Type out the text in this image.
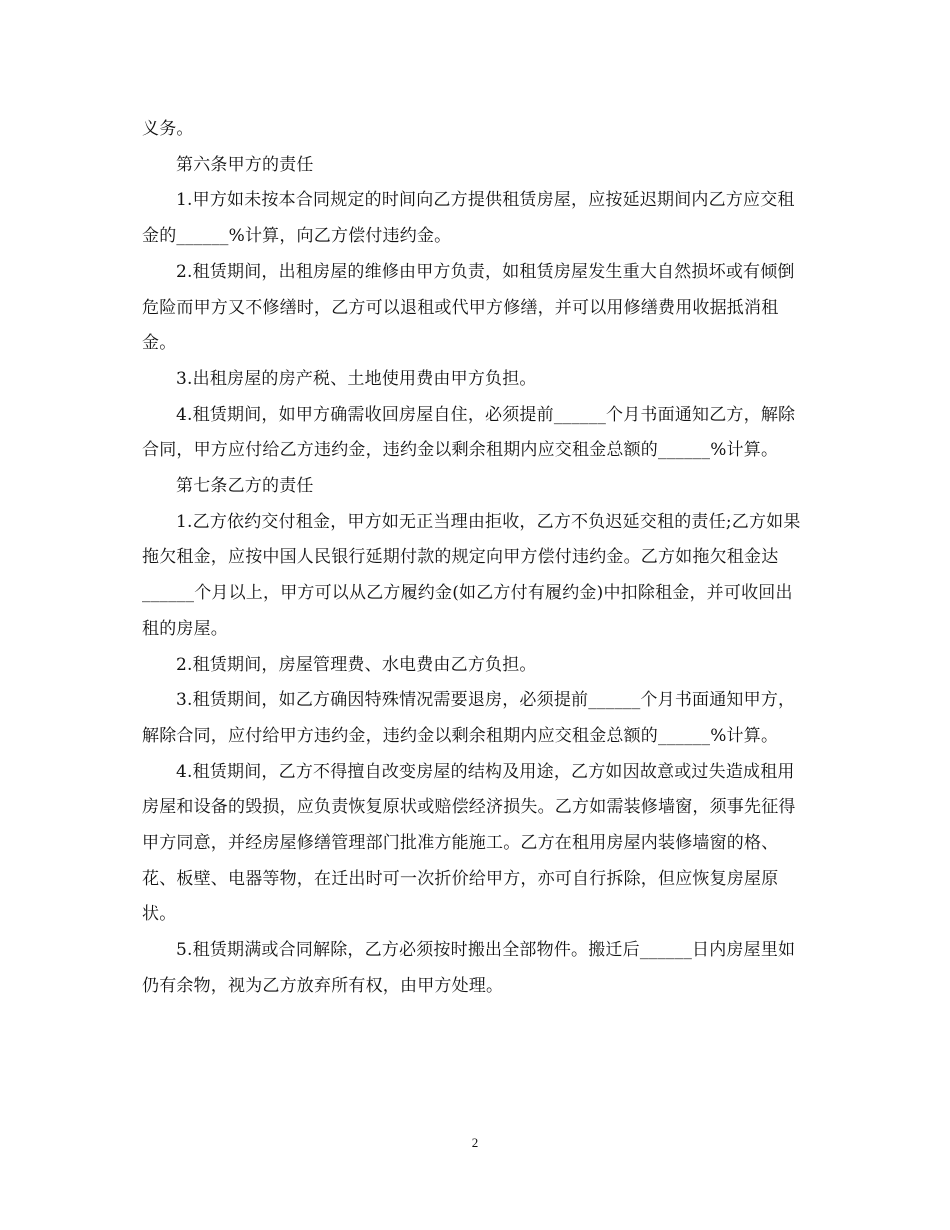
义务。

第六条甲方的责任

1.甲方如未按本合同规定的时间向乙方提供租赁房屋，应按延迟期间内乙方应交租金的______%计算，向乙方偿付违约金。

2.租赁期间，出租房屋的维修由甲方负责，如租赁房屋发生重大自然损坏或有倾倒危险而甲方又不修缮时，乙方可以退租或代甲方修缮，并可以用修缮费用收据抵消租金。

3.出租房屋的房产税、土地使用费由甲方负担。

4.租赁期间，如甲方确需收回房屋自住，必须提前______个月书面通知乙方，解除合同，甲方应付给乙方违约金，违约金以剩余租期内应交租金总额的______%计算。

第七条乙方的责任

1.乙方依约交付租金，甲方如无正当理由拒收，乙方不负迟延交租的责任;乙方如果拖欠租金，应按中国人民银行延期付款的规定向甲方偿付违约金。乙方如拖欠租金达______个月以上，甲方可以从乙方履约金(如乙方付有履约金)中扣除租金，并可收回出租的房屋。

2.租赁期间，房屋管理费、水电费由乙方负担。

3.租赁期间，如乙方确因特殊情况需要退房，必须提前______个月书面通知甲方，解除合同，应付给甲方违约金，违约金以剩余租期内应交租金总额的______%计算。

4.租赁期间，乙方不得擅自改变房屋的结构及用途，乙方如因故意或过失造成租用房屋和设备的毁损，应负责恢复原状或赔偿经济损失。乙方如需装修墙窗，须事先征得甲方同意，并经房屋修缮管理部门批准方能施工。乙方在租用房屋内装修墙窗的格、花、板壁、电器等物，在迁出时可一次折价给甲方，亦可自行拆除，但应恢复房屋原状。

5.租赁期满或合同解除，乙方必须按时搬出全部物件。搬迁后______日内房屋里如仍有余物，视为乙方放弃所有权，由甲方处理。

2
